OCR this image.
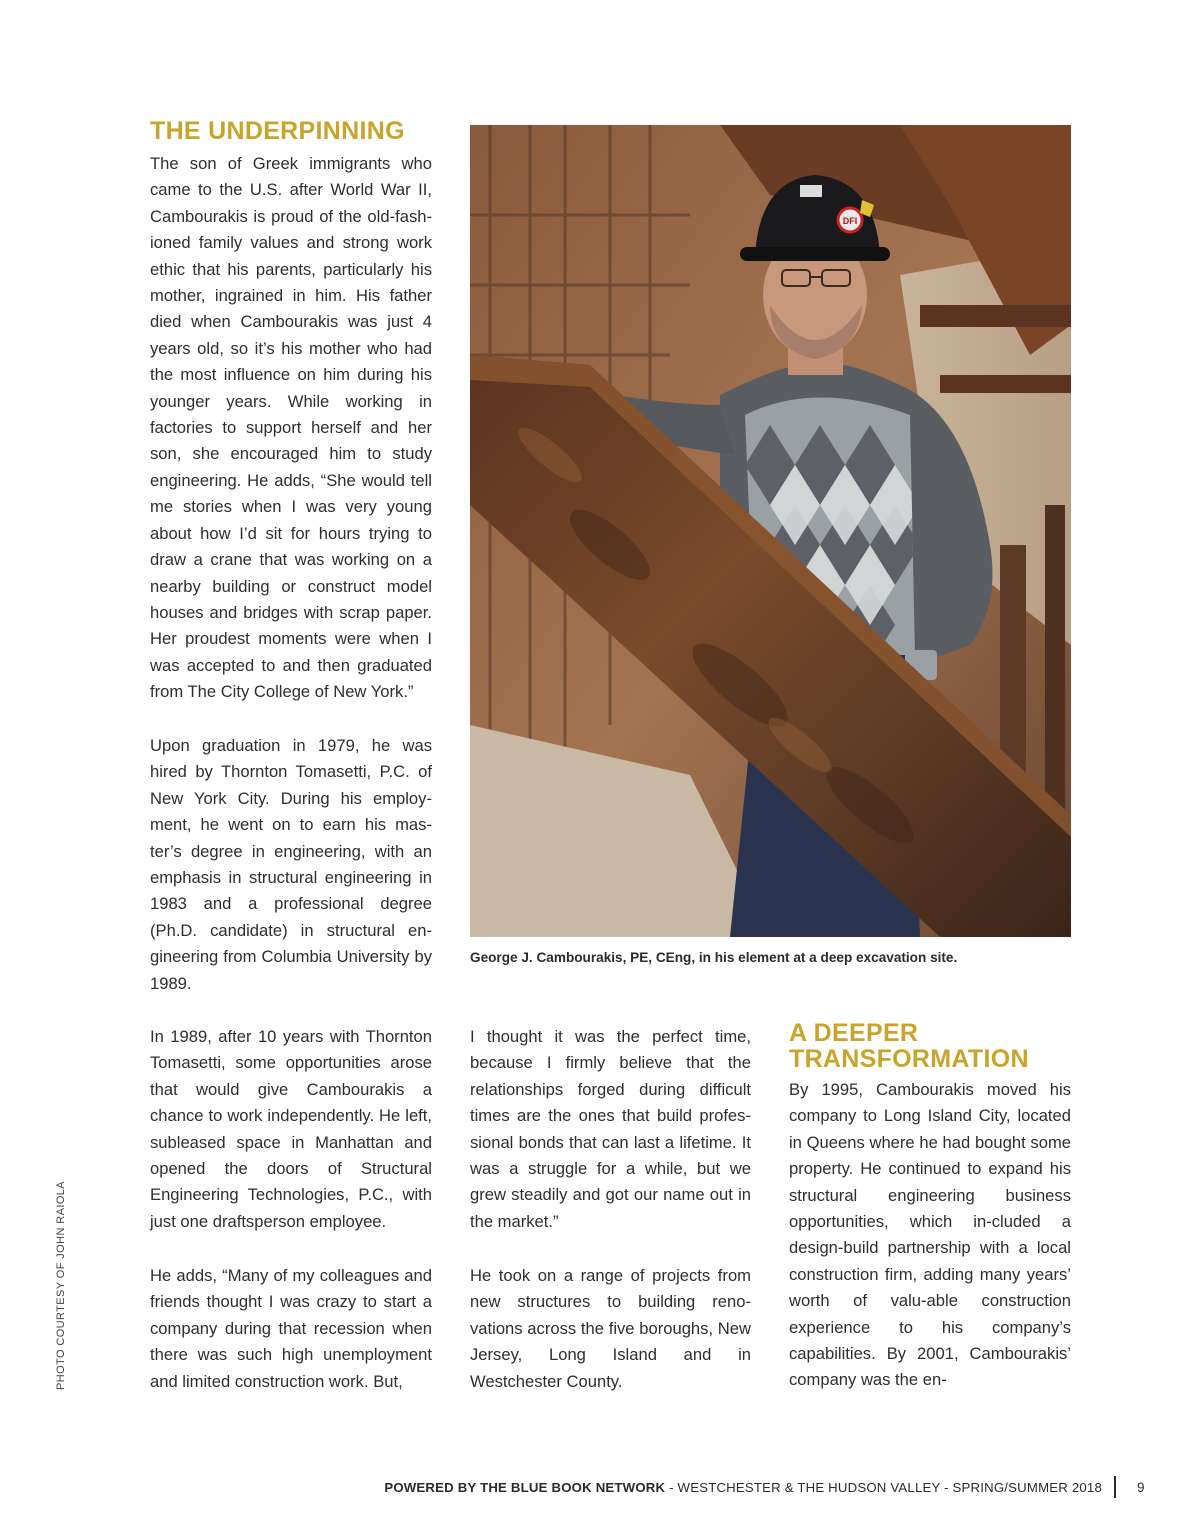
THE UNDERPINNING

The son of Greek immigrants who came to the U.S. after World War II, Cambourakis is proud of the old-fash-ioned family values and strong work ethic that his parents, particularly his mother, ingrained in him. His father died when Cambourakis was just 4 years old, so it’s his mother who had the most influence on him during his younger years. While working in factories to support herself and her son, she encouraged him to study engineering. He adds, “She would tell me stories when I was very young about how I’d sit for hours trying to draw a crane that was working on a nearby building or construct model houses and bridges with scrap paper. Her proudest moments were when I was accepted to and then graduated from The City College of New York.”

Upon graduation in 1979, he was hired by Thornton Tomasetti, P.C. of New York City. During his employ-ment, he went on to earn his mas-ter’s degree in engineering, with an emphasis in structural engineering in 1983 and a professional degree (Ph.D. candidate) in structural en-gineering from Columbia University by 1989.

In 1989, after 10 years with Thornton Tomasetti, some opportunities arose that would give Cambourakis a chance to work independently. He left, subleased space in Manhattan and opened the doors of Structural Engineering Technologies, P.C., with just one draftsperson employee.

He adds, “Many of my colleagues and friends thought I was crazy to start a company during that recession when there was such high unemployment and limited construction work. But,

I thought it was the perfect time, because I firmly believe that the relationships forged during difficult times are the ones that build profes-sional bonds that can last a lifetime. It was a struggle for a while, but we grew steadily and got our name out in the market.”

He took on a range of projects from new structures to building reno-vations across the five boroughs, New Jersey, Long Island and in Westchester County.

A DEEPER TRANSFORMATION

By 1995, Cambourakis moved his company to Long Island City, located in Queens where he had bought some property. He continued to expand his structural engineering business opportunities, which in-cluded a design-build partnership with a local construction firm, adding many years’ worth of valu-able construction experience to his company’s capabilities. By 2001, Cambourakis’ company was the en-

DFI

George J. Cambourakis, PE, CEng, in his element at a deep excavation site.

PHOTO COURTESY OF JOHN RAIOLA
POWERED BY THE BLUE BOOK NETWORK - WESTCHESTER & THE HUDSON VALLEY - SPRING/SUMMER 2018	9
